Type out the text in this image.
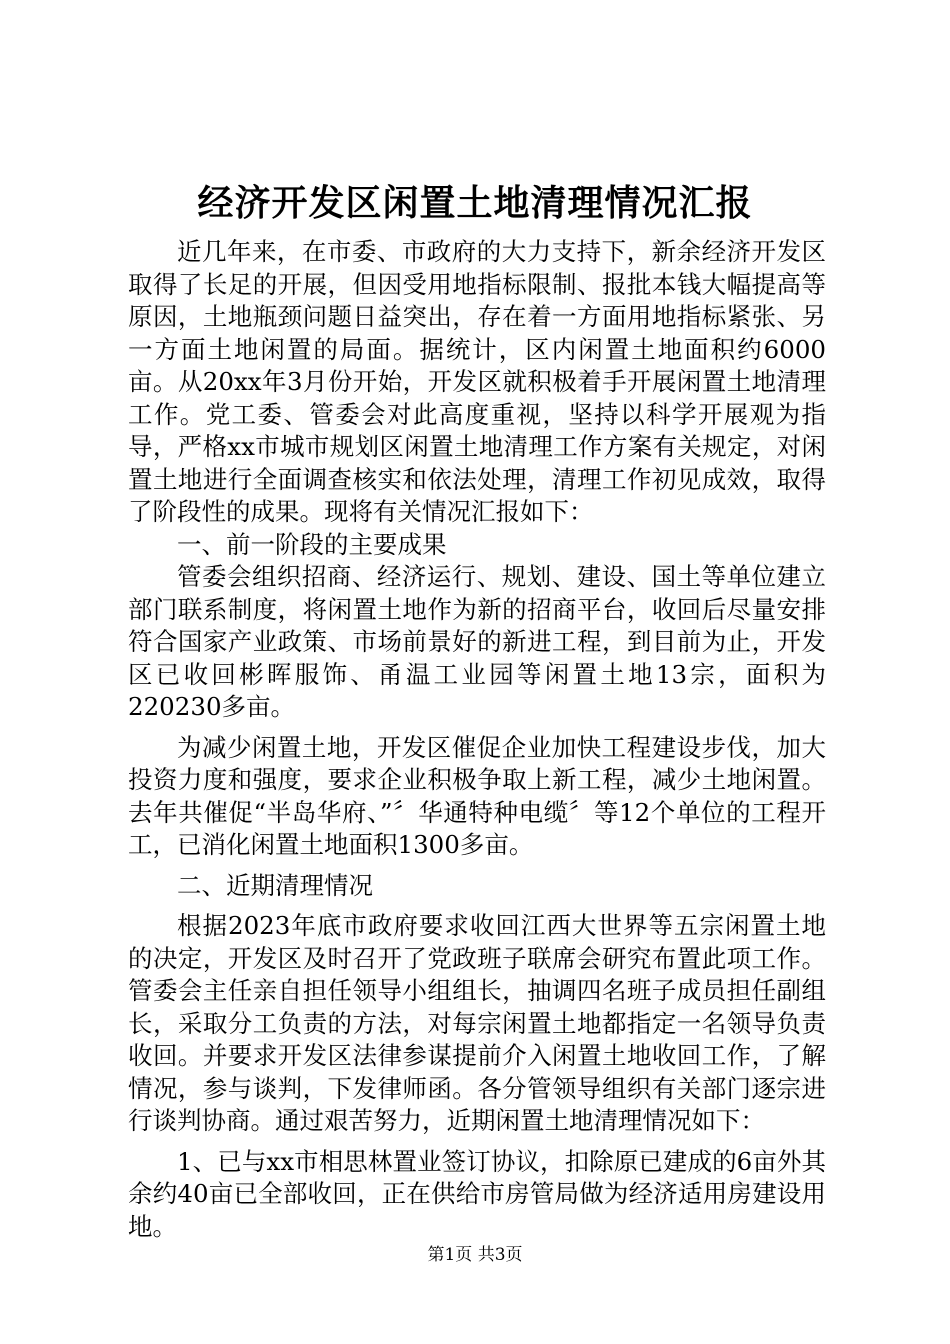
经济开发区闲置土地清理情况汇报

近几年来，在市委、市政府的大力支持下，新余经济开发区取得了长足的开展，但因受用地指标限制、报批本钱大幅提高等原因，土地瓶颈问题日益突出，存在着一方面用地指标紧张、另一方面土地闲置的局面。据统计，区内闲置土地面积约6000亩。从20xx年3月份开始，开发区就积极着手开展闲置土地清理工作。党工委、管委会对此高度重视，坚持以科学开展观为指导，严格xx市城市规划区闲置土地清理工作方案有关规定，对闲置土地进行全面调查核实和依法处理，清理工作初见成效，取得了阶段性的成果。现将有关情况汇报如下：

一、前一阶段的主要成果

管委会组织招商、经济运行、规划、建设、国土等单位建立部门联系制度，将闲置土地作为新的招商平台，收回后尽量安排符合国家产业政策、市场前景好的新进工程，到目前为止，开发区已收回彬晖服饰、甬温工业园等闲置土地13宗，面积为220230多亩。

为减少闲置土地，开发区催促企业加快工程建设步伐，加大投资力度和强度，要求企业积极争取上新工程，减少土地闲置。去年共催促“半岛华府、”〞华通特种电缆〞等12个单位的工程开工，已消化闲置土地面积1300多亩。

二、近期清理情况

根据2023年底市政府要求收回江西大世界等五宗闲置土地的决定，开发区及时召开了党政班子联席会研究布置此项工作。管委会主任亲自担任领导小组组长，抽调四名班子成员担任副组长，采取分工负责的方法，对每宗闲置土地都指定一名领导负责收回。并要求开发区法律参谋提前介入闲置土地收回工作，了解情况，参与谈判，下发律师函。各分管领导组织有关部门逐宗进行谈判协商。通过艰苦努力，近期闲置土地清理情况如下：

1、已与xx市相思林置业签订协议，扣除原已建成的6亩外其余约40亩已全部收回，正在供给市房管局做为经济适用房建设用地。

第1页 共3页
